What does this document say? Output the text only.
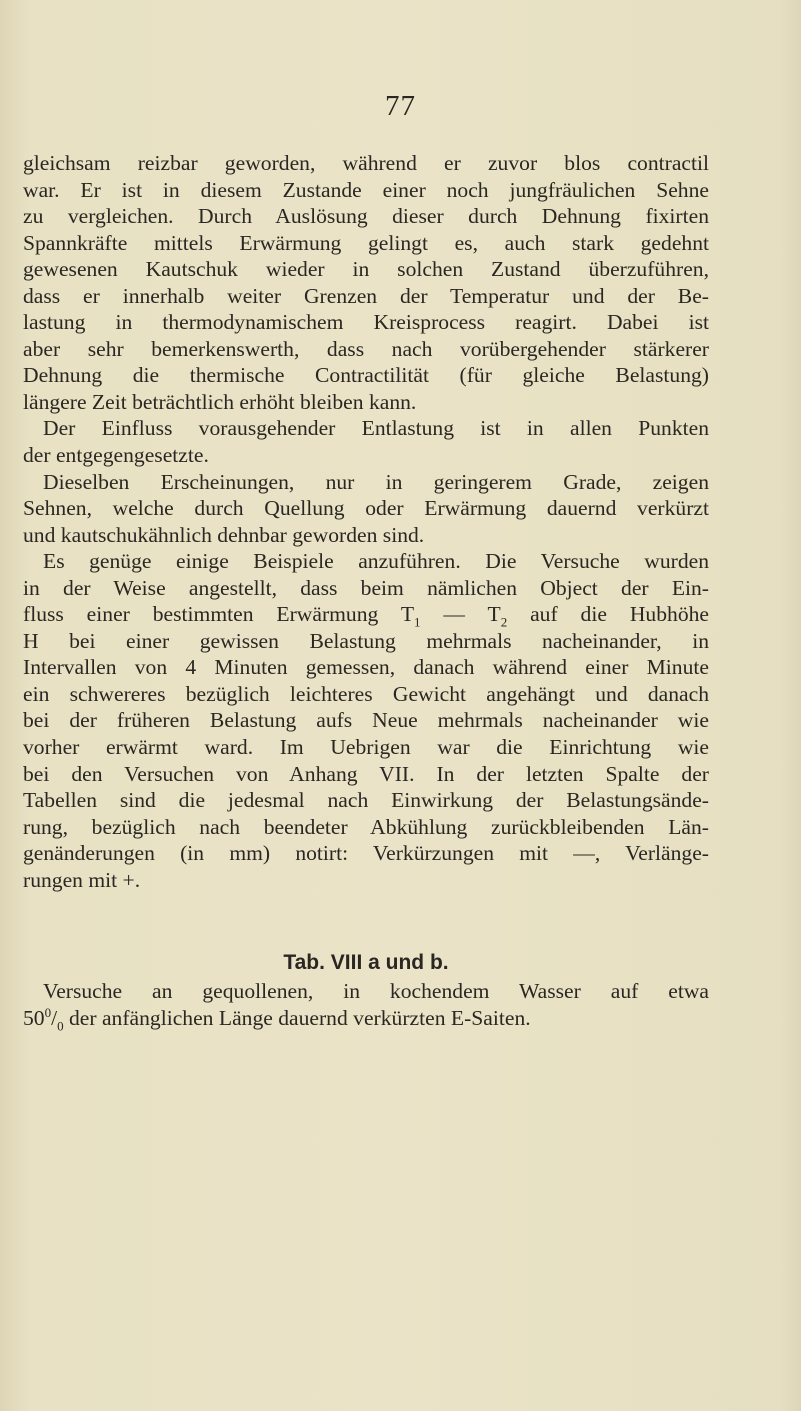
77
gleichsam reizbar geworden, während er zuvor blos contractil
war. Er ist in diesem Zustande einer noch jungfräulichen Sehne
zu vergleichen. Durch Auslösung dieser durch Dehnung fixirten
Spannkräfte mittels Erwärmung gelingt es, auch stark gedehnt
gewesenen Kautschuk wieder in solchen Zustand überzuführen,
dass er innerhalb weiter Grenzen der Temperatur und der Be-
lastung in thermodynamischem Kreisprocess reagirt. Dabei ist
aber sehr bemerkenswerth, dass nach vorübergehender stärkerer
Dehnung die thermische Contractilität (für gleiche Belastung)
längere Zeit beträchtlich erhöht bleiben kann.
Der Einfluss vorausgehender Entlastung ist in allen Punkten
der entgegengesetzte.
Dieselben Erscheinungen, nur in geringerem Grade, zeigen
Sehnen, welche durch Quellung oder Erwärmung dauernd verkürzt
und kautschukähnlich dehnbar geworden sind.
Es genüge einige Beispiele anzuführen. Die Versuche wurden
in der Weise angestellt, dass beim nämlichen Object der Ein-
fluss einer bestimmten Erwärmung $T_1$ — $T_2$ auf die Hubhöhe
H bei einer gewissen Belastung mehrmals nacheinander, in
Intervallen von 4 Minuten gemessen, danach während einer Minute
ein schwereres bezüglich leichteres Gewicht angehängt und danach
bei der früheren Belastung aufs Neue mehrmals nacheinander wie
vorher erwärmt ward. Im Uebrigen war die Einrichtung wie
bei den Versuchen von Anhang VII. In der letzten Spalte der
Tabellen sind die jedesmal nach Einwirkung der Belastungsände-
rung, bezüglich nach beendeter Abkühlung zurückbleibenden Län-
genänderungen (in mm) notirt: Verkürzungen mit —, Verlänge-
rungen mit +.
Tab. VIII a und b.
Versuche an gequollenen, in kochendem Wasser auf etwa
$50^0/_0$ der anfänglichen Länge dauernd verkürzten E-Saiten.
